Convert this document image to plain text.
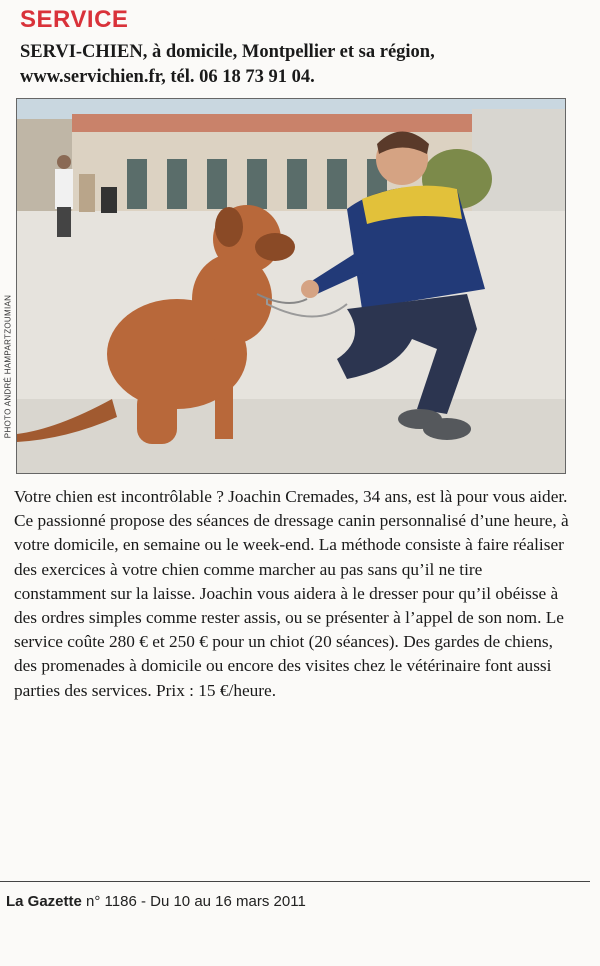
SERVICE
SERVI-CHIEN, à domicile, Montpellier et sa région,
www.servichien.fr, tél. 06 18 73 91 04.
PHOTO ANDRÉ HAMPARTZOUMIAN

Votre chien est incontrôlable ? Joachin Cremades, 34 ans, est là pour vous aider. Ce passionné propose des séances de dressage canin personnalisé d’une heure, à votre domicile, en semaine ou le week-end. La méthode consiste à faire réaliser des exercices à votre chien comme marcher au pas sans qu’il ne tire constamment sur la laisse. Joachin vous aidera à le dresser pour qu’il obéisse à des ordres simples comme rester assis, ou se présenter à l’appel de son nom. Le service coûte 280 € et 250 € pour un chiot (20 séances). Des gardes de chiens, des promenades à domicile ou encore des visites chez le vétérinaire font aussi parties des services. Prix : 15 €/heure.

La Gazette n° 1186 - Du 10 au 16 mars 2011
